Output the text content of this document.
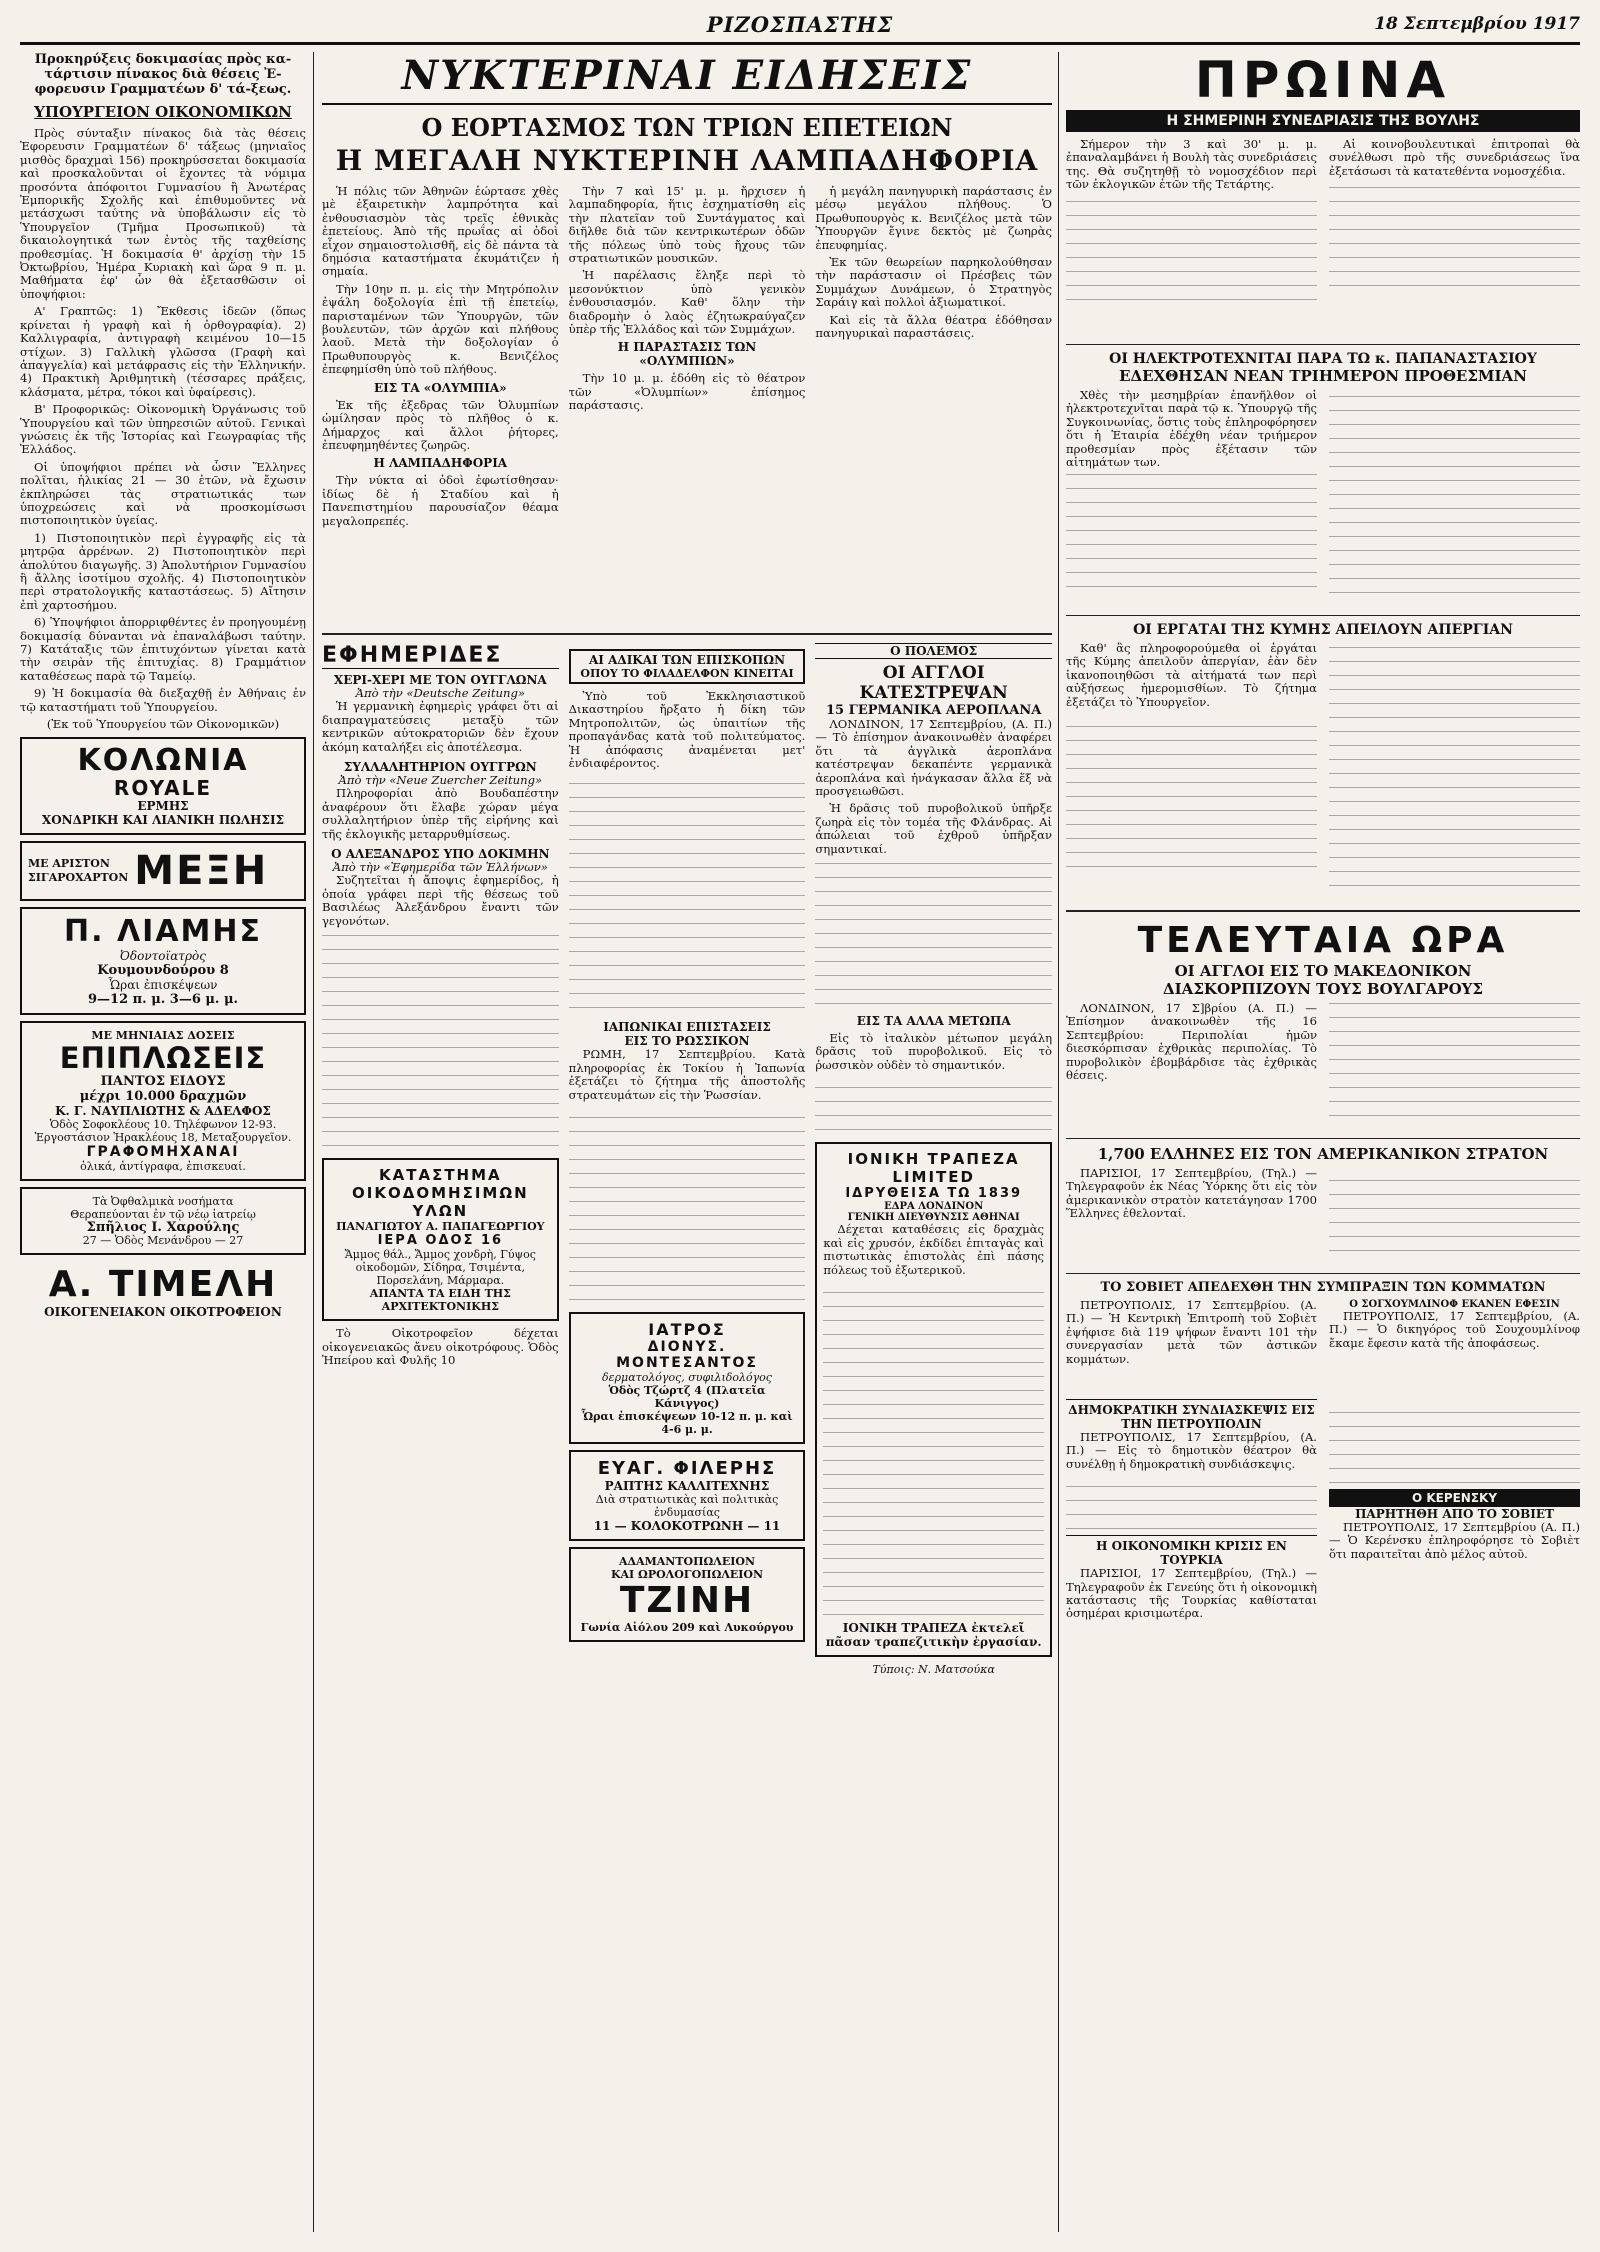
ΡΙΖΟΣΠΑΣΤΗΣ	18 Σεπτεμβρίου 1917

Προκηρύξεις δοκιμασίας πρὸς κα-τάρτισιν πίνακος διὰ θέσεις Ἐ-φορευσιν Γραμματέων δ' τά-ξεως.

ΥΠΟΥΡΓΕΙΟΝ ΟΙΚΟΝΟΜΙΚΩΝ

Πρὸς σύνταξιν πίνακος διὰ τὰς θέσεις Ἐφορευσιν Γραμματέων δ' τάξεως (μηνιαῖος μισθὸς δραχμαὶ 156) προκηρύσσεται δοκιμασία καὶ προσκαλοῦνται οἱ ἔχοντες τὰ νόμιμα προσόντα ἀπόφοιτοι Γυμνασίου ἢ Ἀνωτέρας Ἐμπορικῆς Σχολῆς καὶ ἐπιθυμοῦντες νὰ μετάσχωσι ταύτης νὰ ὑποβάλωσιν εἰς τὸ Ὑπουργεῖον (Τμῆμα Προσωπικοῦ) τὰ δικαιολογητικά των ἐντὸς τῆς ταχθείσης προθεσμίας. Ἡ δοκιμασία θ' ἀρχίσῃ τὴν 15 Ὀκτωβρίου, Ἡμέρα Κυριακὴ καὶ ὥρα 9 π. μ. Μαθήματα ἐφ' ὧν θὰ ἐξετασθῶσιν οἱ ὑποψήφιοι:

Α' Γραπτῶς: 1) Ἔκθεσις ἰδεῶν (ὅπως κρίνεται ἡ γραφὴ καὶ ἡ ὀρθογραφία). 2) Καλλιγραφία, ἀντιγραφὴ κειμένου 10—15 στίχων. 3) Γαλλικὴ γλῶσσα (Γραφὴ καὶ ἀπαγγελία) καὶ μετάφρασις εἰς τὴν Ἑλληνικήν. 4) Πρακτικὴ Ἀριθμητικὴ (τέσσαρες πράξεις, κλάσματα, μέτρα, τόκοι καὶ ὑφαίρεσις).

Β' Προφορικῶς: Οἰκονομικὴ Ὀργάνωσις τοῦ Ὑπουργείου καὶ τῶν ὑπηρεσιῶν αὐτοῦ. Γενικαὶ γνώσεις ἐκ τῆς Ἱστορίας καὶ Γεωγραφίας τῆς Ἑλλάδος.

Οἱ ὑποψήφιοι πρέπει νὰ ὦσιν Ἕλληνες πολῖται, ἡλικίας 21 — 30 ἐτῶν, νὰ ἔχωσιν ἐκπληρώσει τὰς στρατιωτικάς των ὑποχρεώσεις καὶ νὰ προσκομίσωσι πιστοποιητικὸν ὑγείας.

1) Πιστοποιητικὸν περὶ ἐγγραφῆς εἰς τὰ μητρῷα ἀρρένων. 2) Πιστοποιητικὸν περὶ ἀπολύτου διαγωγῆς. 3) Ἀπολυτήριον Γυμνασίου ἢ ἄλλης ἰσοτίμου σχολῆς. 4) Πιστοποιητικὸν περὶ στρατολογικῆς καταστάσεως. 5) Αἴτησιν ἐπὶ χαρτοσήμου.

6) Ὑποψήφιοι ἀπορριφθέντες ἐν προηγουμένῃ δοκιμασίᾳ δύνανται νὰ ἐπαναλάβωσι ταύτην. 7) Κατάταξις τῶν ἐπιτυχόντων γίνεται κατὰ τὴν σειρὰν τῆς ἐπιτυχίας. 8) Γραμμάτιον καταθέσεως παρὰ τῷ Ταμείῳ.

9) Ἡ δοκιμασία θὰ διεξαχθῇ ἐν Ἀθήναις ἐν τῷ καταστήματι τοῦ Ὑπουργείου.

(Ἐκ τοῦ Ὑπουργείου τῶν Οἰκονομικῶν)

ΚΟΛΩΝΙΑ
ROYALE
ΕΡΜΗΣ
ΧΟΝΔΡΙΚΗ ΚΑΙ ΛΙΑΝΙΚΗ ΠΩΛΗΣΙΣ
ΜΕ ΑΡΙΣΤΟΝ
ΣΙΓΑΡΟΧΑΡΤΟΝ ΜΕΞΗ
Π. ΛΙΑΜΗΣ
Ὀδοντοϊατρὸς
Κουμουνδούρου 8
Ὧραι ἐπισκέψεων
9—12 π. μ. 3—6 μ. μ.
ΜΕ ΜΗΝΙΑΙΑΣ ΔΟΣΕΙΣ
ΕΠΙΠΛΩΣΕΙΣ
ΠΑΝΤΟΣ ΕΙΔΟΥΣ
μέχρι 10.000 δραχμῶν
Κ. Γ. ΝΑΥΠΛΙΩΤΗΣ & ΑΔΕΛΦΟΣ
Ὁδὸς Σοφοκλέους 10. Τηλέφωνον 12-93. Ἐργοστάσιον Ἡρακλέους 18, Μεταξουργεῖον.
ΓΡΑΦΟΜΗΧΑΝΑΙ
ὁλικά, ἀντίγραφα, ἐπισκευαί.
Τὰ Ὀφθαλμικὰ νοσήματα
Θεραπεύονται ἐν τῷ νέῳ ἰατρείῳ
Σπῆλιος Ι. Χαρούλης
27 — Ὁδὸς Μενάνδρου — 27
Α. ΤΙΜΕΛΗ
ΟΙΚΟΓΕΝΕΙΑΚΟΝ ΟΙΚΟΤΡΟΦΕΙΟΝ
ΝΥΚΤΕΡΙΝΑΙ ΕΙΔΗΣΕΙΣ
Ο ΕΟΡΤΑΣΜΟΣ ΤΩΝ ΤΡΙΩΝ ΕΠΕΤΕΙΩΝ
Η ΜΕΓΑΛΗ ΝΥΚΤΕΡΙΝΗ ΛΑΜΠΑΔΗΦΟΡΙΑ

Ἡ πόλις τῶν Ἀθηνῶν ἑώρτασε χθὲς μὲ ἐξαιρετικὴν λαμπρότητα καὶ ἐνθουσιασμὸν τὰς τρεῖς ἐθνικὰς ἐπετείους. Ἀπὸ τῆς πρωΐας αἱ ὁδοὶ εἶχον σημαιοστολισθῆ, εἰς δὲ πάντα τὰ δημόσια καταστήματα ἐκυμάτιζεν ἡ σημαία.

Τὴν 10ην π. μ. εἰς τὴν Μητρόπολιν ἐψάλη δοξολογία ἐπὶ τῇ ἐπετείῳ, παρισταμένων τῶν Ὑπουργῶν, τῶν βουλευτῶν, τῶν ἀρχῶν καὶ πλήθους λαοῦ. Μετὰ τὴν δοξολογίαν ὁ Πρωθυπουργὸς κ. Βενιζέλος ἐπεφημίσθη ὑπὸ τοῦ πλήθους.

ΕΙΣ ΤΑ «ΟΛΥΜΠΙΑ»

Ἐκ τῆς ἐξεδρας τῶν Ὀλυμπίων ὡμίλησαν πρὸς τὸ πλῆθος ὁ κ. Δήμαρχος καὶ ἄλλοι ῥήτορες, ἐπευφημηθέντες ζωηρῶς.

Η ΛΑΜΠΑΔΗΦΟΡΙΑ

Τὴν νύκτα αἱ ὁδοὶ ἐφωτίσθησαν· ἰδίως δὲ ἡ Σταδίου καὶ ἡ Πανεπιστημίου παρουσίαζον θέαμα μεγαλοπρεπές.

Τὴν 7 καὶ 15' μ. μ. ἤρχισεν ἡ λαμπαδηφορία, ἥτις ἐσχηματίσθη εἰς τὴν πλατεῖαν τοῦ Συντάγματος καὶ διῆλθε διὰ τῶν κεντρικωτέρων ὁδῶν τῆς πόλεως ὑπὸ τοὺς ἤχους τῶν στρατιωτικῶν μουσικῶν.

Ἡ παρέλασις ἔληξε περὶ τὸ μεσονύκτιον ὑπὸ γενικὸν ἐνθουσιασμόν. Καθ' ὅλην τὴν διαδρομὴν ὁ λαὸς ἐζητωκραύγαζεν ὑπὲρ τῆς Ἑλλάδος καὶ τῶν Συμμάχων.

Η ΠΑΡΑΣΤΑΣΙΣ ΤΩΝ «ΟΛΥΜΠΙΩΝ»

Τὴν 10 μ. μ. ἐδόθη εἰς τὸ θέατρον τῶν «Ὀλυμπίων» ἐπίσημος παράστασις.

ἡ μεγάλη πανηγυρικὴ παράστασις ἐν μέσῳ μεγάλου πλήθους. Ὁ Πρωθυπουργὸς κ. Βενιζέλος μετὰ τῶν Ὑπουργῶν ἔγινε δεκτὸς μὲ ζωηρὰς ἐπευφημίας.

Ἐκ τῶν θεωρείων παρηκολούθησαν τὴν παράστασιν οἱ Πρέσβεις τῶν Συμμάχων Δυνάμεων, ὁ Στρατηγὸς Σαράιγ καὶ πολλοὶ ἀξιωματικοί.

Καὶ εἰς τὰ ἄλλα θέατρα ἐδόθησαν πανηγυρικαὶ παραστάσεις.

ΕΦΗΜΕΡΙΔΕΣ
ΧΕΡΙ-ΧΕΡΙ ΜΕ ΤΟΝ ΟΥΓΓΛΩΝΑ
Ἀπὸ τὴν «Deutsche Zeitung»

Ἡ γερμανικὴ ἐφημερὶς γράφει ὅτι αἱ διαπραγματεύσεις μεταξὺ τῶν κεντρικῶν αὐτοκρατοριῶν δὲν ἔχουν ἀκόμη καταλήξει εἰς ἀποτέλεσμα.

ΣΥΛΛΑΛΗΤΗΡΙΟΝ ΟΥΓΓΡΩΝ
Ἀπὸ τὴν «Neue Zuercher Zeitung»

Πληροφορίαι ἀπὸ Βουδαπέστην ἀναφέρουν ὅτι ἔλαβε χώραν μέγα συλλαλητήριον ὑπὲρ τῆς εἰρήνης καὶ τῆς ἐκλογικῆς μεταρρυθμίσεως.

Ο ΑΛΕΞΑΝΔΡΟΣ ΥΠΟ ΔΟΚΙΜΗΝ
Ἀπὸ τὴν «Ἐφημερίδα τῶν Ἑλλήνων»

Συζητεῖται ἡ ἄποψις ἐφημερίδος, ἡ ὁποία γράφει περὶ τῆς θέσεως τοῦ Βασιλέως Ἀλεξάνδρου ἔναντι τῶν γεγονότων.

ΚΑΤΑΣΤΗΜΑ
ΟΙΚΟΔΟΜΗΣΙΜΩΝ ΥΛΩΝ
ΠΑΝΑΓΙΩΤΟΥ Α. ΠΑΠΑΓΕΩΡΓΙΟΥ
ΙΕΡΑ ΟΔΟΣ 16
Ἄμμος θάλ., Ἄμμος χονδρὴ, Γύψος οἰκοδομῶν, Σίδηρα, Τσιμέντα, Πορσελάνη, Μάρμαρα.
ΑΠΑΝΤΑ ΤΑ ΕΙΔΗ ΤΗΣ ΑΡΧΙΤΕΚΤΟΝΙΚΗΣ

Τὸ Οἰκοτροφεῖον δέχεται οἰκογενειακῶς ἄνευ οἰκοτρόφους. Ὁδὸς Ἠπείρου καὶ Φυλῆς 10

ΑΙ ΑΔΙΚΑΙ ΤΩΝ ΕΠΙΣΚΟΠΩΝ
ΟΠΟΥ ΤΟ ΦΙΛΑΔΕΛΦΟΝ ΚΙΝΕΙΤΑΙ

Ὑπὸ τοῦ Ἐκκλησιαστικοῦ Δικαστηρίου ἤρξατο ἡ δίκη τῶν Μητροπολιτῶν, ὡς ὑπαιτίων τῆς προπαγάνδας κατὰ τοῦ πολιτεύματος. Ἡ ἀπόφασις ἀναμένεται μετ' ἐνδιαφέροντος.

ΙΑΠΩΝΙΚΑΙ ΕΠΙΣΤΑΣΕΙΣ
ΕΙΣ ΤΟ ΡΩΣΣΙΚΟΝ

ΡΩΜΗ, 17 Σεπτεμβρίου. Κατὰ πληροφορίας ἐκ Τοκίου ἡ Ἰαπωνία ἐξετάζει τὸ ζήτημα τῆς ἀποστολῆς στρατευμάτων εἰς τὴν Ῥωσσίαν.

ΙΑΤΡΟΣ
ΔΙΟΝΥΣ. ΜΟΝΤΕΣΑΝΤΟΣ
δερματολόγος, συφιλιδολόγος
Ὁδὸς Τζώρτζ 4 (Πλατεῖα Κάνιγγος)
Ὧραι ἐπισκέψεων 10-12 π. μ. καὶ 4-6 μ. μ.
ΕΥΑΓ. ΦΙΛΕΡΗΣ
ΡΑΠΤΗΣ ΚΑΛΛΙΤΕΧΝΗΣ
Διὰ στρατιωτικὰς καὶ πολιτικὰς ἐνδυμασίας
11 — ΚΟΛΟΚΟΤΡΩΝΗ — 11
ΑΔΑΜΑΝΤΟΠΩΛΕΙΟΝ
ΚΑΙ ΩΡΟΛΟΓΟΠΩΛΕΙΟΝ
ΤΖΙΝΗ
Γωνία Αἰόλου 209 καὶ Λυκούργου
Ο ΠΟΛΕΜΟΣ
ΟΙ ΑΓΓΛΟΙ ΚΑΤΕΣΤΡΕΨΑΝ
15 ΓΕΡΜΑΝΙΚΑ ΑΕΡΟΠΛΑΝΑ

ΛΟΝΔΙΝΟΝ, 17 Σεπτεμβρίου, (Α. Π.) — Τὸ ἐπίσημον ἀνακοινωθὲν ἀναφέρει ὅτι τὰ ἀγγλικὰ ἀεροπλάνα κατέστρεψαν δεκαπέντε γερμανικὰ ἀεροπλάνα καὶ ἠνάγκασαν ἄλλα ἕξ νὰ προσγειωθῶσι.

Ἡ δρᾶσις τοῦ πυροβολικοῦ ὑπῆρξε ζωηρὰ εἰς τὸν τομέα τῆς Φλάνδρας. Αἱ ἀπώλειαι τοῦ ἐχθροῦ ὑπῆρξαν σημαντικαί.

ΕΙΣ ΤΑ ΑΛΛΑ ΜΕΤΩΠΑ

Εἰς τὸ ἰταλικὸν μέτωπον μεγάλη δρᾶσις τοῦ πυροβολικοῦ. Εἰς τὸ ῥωσσικὸν οὐδὲν τὸ σημαντικόν.

ΙΟΝΙΚΗ ΤΡΑΠΕΖΑ LIMITED
ΙΔΡΥΘΕΙΣΑ ΤΩ 1839
ΕΔΡΑ ΛΟΝΔΙΝΟΝ
ΓΕΝΙΚΗ ΔΙΕΥΘΥΝΣΙΣ ΑΘΗΝΑΙ

Δέχεται καταθέσεις εἰς δραχμὰς καὶ εἰς χρυσόν, ἐκδίδει ἐπιταγὰς καὶ πιστωτικὰς ἐπιστολὰς ἐπὶ πάσης πόλεως τοῦ ἐξωτερικοῦ.

ΙΟΝΙΚΗ ΤΡΑΠΕΖΑ ἐκτελεῖ πᾶσαν τραπεζιτικὴν ἐργασίαν.
Τύποις: Ν. Ματσούκα
ΠΡΩΙΝΑ
Η ΣΗΜΕΡΙΝΗ ΣΥΝΕΔΡΙΑΣΙΣ ΤΗΣ ΒΟΥΛΗΣ

Σήμερον τὴν 3 καὶ 30' μ. μ. ἐπαναλαμβάνει ἡ Βουλὴ τὰς συνεδριάσεις της. Θὰ συζητηθῇ τὸ νομοσχέδιον περὶ τῶν ἐκλογικῶν ἐτῶν τῆς Τετάρτης.

Αἱ κοινοβουλευτικαὶ ἐπιτροπαὶ θὰ συνέλθωσι πρὸ τῆς συνεδριάσεως ἵνα ἐξετάσωσι τὰ κατατεθέντα νομοσχέδια.

ΟΙ ΗΛΕΚΤΡΟΤΕΧΝΙΤΑΙ ΠΑΡΑ ΤΩ κ. ΠΑΠΑΝΑΣΤΑΣΙΟΥ
ΕΔΕΧΘΗΣΑΝ ΝΕΑΝ ΤΡΙΗΜΕΡΟΝ ΠΡΟΘΕΣΜΙΑΝ

Χθὲς τὴν μεσημβρίαν ἐπανῆλθον οἱ ἡλεκτροτεχνῖται παρὰ τῷ κ. Ὑπουργῷ τῆς Συγκοινωνίας, ὅστις τοὺς ἐπληροφόρησεν ὅτι ἡ Ἑταιρία ἐδέχθη νέαν τριήμερον προθεσμίαν πρὸς ἐξέτασιν τῶν αἰτημάτων των.

ΟΙ ΕΡΓΑΤΑΙ ΤΗΣ ΚΥΜΗΣ ΑΠΕΙΛΟΥΝ ΑΠΕΡΓΙΑΝ

Καθ' ἃς πληροφορούμεθα οἱ ἐργάται τῆς Κύμης ἀπειλοῦν ἀπεργίαν, ἐὰν δὲν ἱκανοποιηθῶσι τὰ αἰτήματά των περὶ αὐξήσεως ἡμερομισθίων. Τὸ ζήτημα ἐξετάζει τὸ Ὑπουργεῖον.

ΤΕΛΕΥΤΑΙΑ ΩΡΑ
ΟΙ ΑΓΓΛΟΙ ΕΙΣ ΤΟ ΜΑΚΕΔΟΝΙΚΟΝ
ΔΙΑΣΚΟΡΠΙΖΟΥΝ ΤΟΥΣ ΒΟΥΛΓΑΡΟΥΣ

ΛΟΝΔΙΝΟΝ, 17 Σ]βρίου (Α. Π.) — Ἐπίσημον ἀνακοινωθὲν τῆς 16 Σεπτεμβρίου: Περιπολίαι ἡμῶν διεσκόρπισαν ἐχθρικὰς περιπολίας. Τὸ πυροβολικὸν ἐβομβάρδισε τὰς ἐχθρικὰς θέσεις.

1,700 ΕΛΛΗΝΕΣ ΕΙΣ ΤΟΝ ΑΜΕΡΙΚΑΝΙΚΟΝ ΣΤΡΑΤΟΝ

ΠΑΡΙΣΙΟΙ, 17 Σεπτεμβρίου, (Τηλ.) — Τηλεγραφοῦν ἐκ Νέας Ὑόρκης ὅτι εἰς τὸν ἀμερικανικὸν στρατὸν κατετάγησαν 1700 Ἕλληνες ἐθελονταί.

ΤΟ ΣΟΒΙΕΤ ΑΠΕΔΕΧΘΗ ΤΗΝ ΣΥΜΠΡΑΞΙΝ ΤΩΝ ΚΟΜΜΑΤΩΝ

ΠΕΤΡΟΥΠΟΛΙΣ, 17 Σεπτεμβρίου. (Α. Π.) — Ἡ Κεντρικὴ Ἐπιτροπὴ τοῦ Σοβιὲτ ἐψήφισε διὰ 119 ψήφων ἔναντι 101 τὴν συνεργασίαν μετὰ τῶν ἀστικῶν κομμάτων.

Ο ΣΟΓΧΟΥΜΛΙΝΟΦ ΕΚΑΝΕΝ ΕΦΕΣΙΝ

ΠΕΤΡΟΥΠΟΛΙΣ, 17 Σεπτεμβρίου, (Α. Π.) — Ὁ δικηγόρος τοῦ Σουχουμλίνοφ ἔκαμε ἔφεσιν κατὰ τῆς ἀποφάσεως.

ΔΗΜΟΚΡΑΤΙΚΗ ΣΥΝΔΙΑΣΚΕΨΙΣ ΕΙΣ ΤΗΝ ΠΕΤΡΟΥΠΟΛΙΝ

ΠΕΤΡΟΥΠΟΛΙΣ, 17 Σεπτεμβρίου, (Α. Π.) — Εἰς τὸ δημοτικὸν θέατρον θὰ συνέλθῃ ἡ δημοκρατικὴ συνδιάσκεψις.

Η ΟΙΚΟΝΟΜΙΚΗ ΚΡΙΣΙΣ ΕΝ ΤΟΥΡΚΙΑ

ΠΑΡΙΣΙΟΙ, 17 Σεπτεμβρίου, (Τηλ.) — Τηλεγραφοῦν ἐκ Γενεύης ὅτι ἡ οἰκονομικὴ κατάστασις τῆς Τουρκίας καθίσταται ὁσημέραι κρισιμωτέρα.

Ο ΚΕΡΕΝΣΚΥ
ΠΑΡΗΤΗΘΗ ΑΠΟ ΤΟ ΣΟΒΙΕΤ

ΠΕΤΡΟΥΠΟΛΙΣ, 17 Σεπτεμβρίου (Α. Π.) — Ὁ Κερένσκυ ἐπληροφόρησε τὸ Σοβιὲτ ὅτι παραιτεῖται ἀπὸ μέλος αὐτοῦ.
